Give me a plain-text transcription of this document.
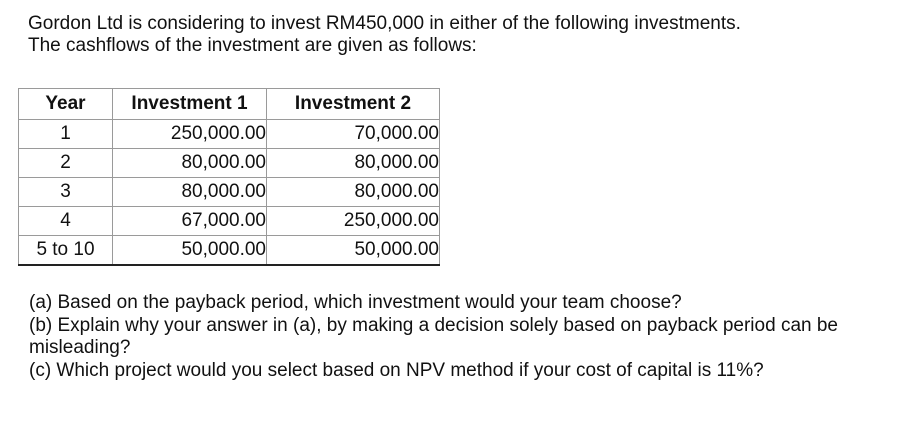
Gordon Ltd is considering to invest RM450,000 in either of the following investments.

The cashflows of the investment are given as follows:

Year	Investment 1	Investment 2
1	250,000.00	70,000.00
2	80,000.00	80,000.00
3	80,000.00	80,000.00
4	67,000.00	250,000.00
5 to 10	50,000.00	50,000.00

(a) Based on the payback period, which investment would your team choose?

(b) Explain why your answer in (a), by making a decision solely based on payback period can be misleading?

(c) Which project would you select based on NPV method if your cost of capital is 11%?
